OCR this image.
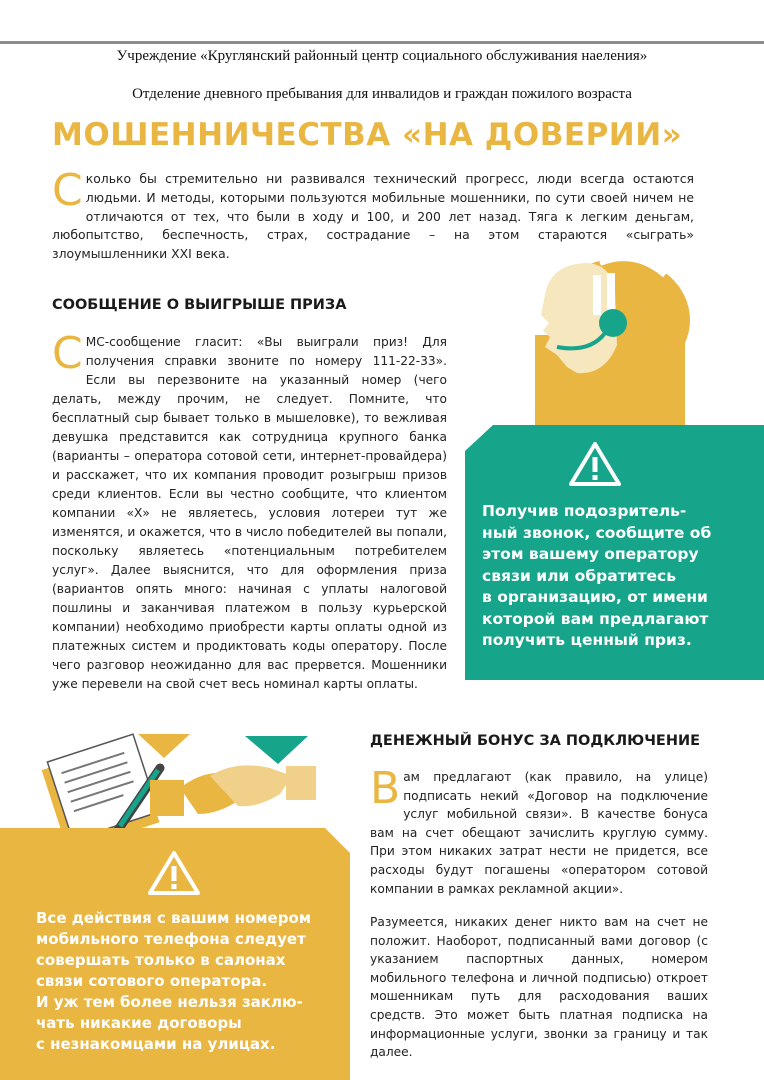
Учреждение «Круглянский районный центр социального обслуживания наеления»
Отделение дневного пребывания для инвалидов и граждан пожилого возраста
МОШЕННИЧЕСТВА «НА ДОВЕРИИ»
Сколько бы стремительно ни развивался технический прогресс, люди всегда остаются людьми. И методы, которыми пользуются мобильные мошенники, по сути своей ничем не отличаются от тех, что были в ходу и 100, и 200 лет назад. Тяга к легким деньгам, любопытство, беспечность, страх, сострадание – на этом стараются «сыграть» злоумышленники XXI века.
СООБЩЕНИЕ О ВЫИГРЫШЕ ПРИЗА
СМС-сообщение гласит: «Вы выиграли приз! Для получения справки звоните по номеру 111-22-33». Если вы перезвоните на указанный номер (чего делать, между прочим, не следует. Помните, что бесплатный сыр бывает только в мышеловке), то вежливая девушка представится как сотрудница крупного банка (варианты – оператора сотовой сети, интернет-провайдера) и расскажет, что их компания проводит розыгрыш призов среди клиентов. Если вы честно сообщите, что клиентом компании «Х» не являетесь, условия лотереи тут же изменятся, и окажется, что в число победителей вы попали, поскольку являетесь «потенциальным потребителем услуг». Далее выяснится, что для оформления приза (вариантов опять много: начиная с уплаты налоговой пошлины и заканчивая платежом в пользу курьерской компании) необходимо приобрести карты оплаты одной из платежных систем и продиктовать коды оператору. После чего разговор неожиданно для вас прервется. Мошенники уже перевели на свой счет весь номинал карты оплаты.
Получив подозритель-
ный звонок, сообщите об
этом вашему оператору
связи или обратитесь
в организацию, от имени
которой вам предлагают
получить ценный приз.
Все действия с вашим номером
мобильного телефона следует
совершать только в салонах
связи сотового оператора.
И уж тем более нельзя заклю-
чать никакие договоры
с незнакомцами на улицах.
ДЕНЕЖНЫЙ БОНУС ЗА ПОДКЛЮЧЕНИЕ
Вам предлагают (как правило, на улице) подписать некий «Договор на подключение услуг мобильной связи». В качестве бонуса вам на счет обещают зачислить круглую сумму. При этом никаких затрат нести не придется, все расходы будут погашены «оператором сотовой компании в рамках рекламной акции».
Разумеется, никаких денег никто вам на счет не положит. Наоборот, подписанный вами договор (с указанием паспортных данных, номером мобильного телефона и личной подписью) откроет мошенникам путь для расходования ваших средств. Это может быть платная подписка на информационные услуги, звонки за границу и так далее.
